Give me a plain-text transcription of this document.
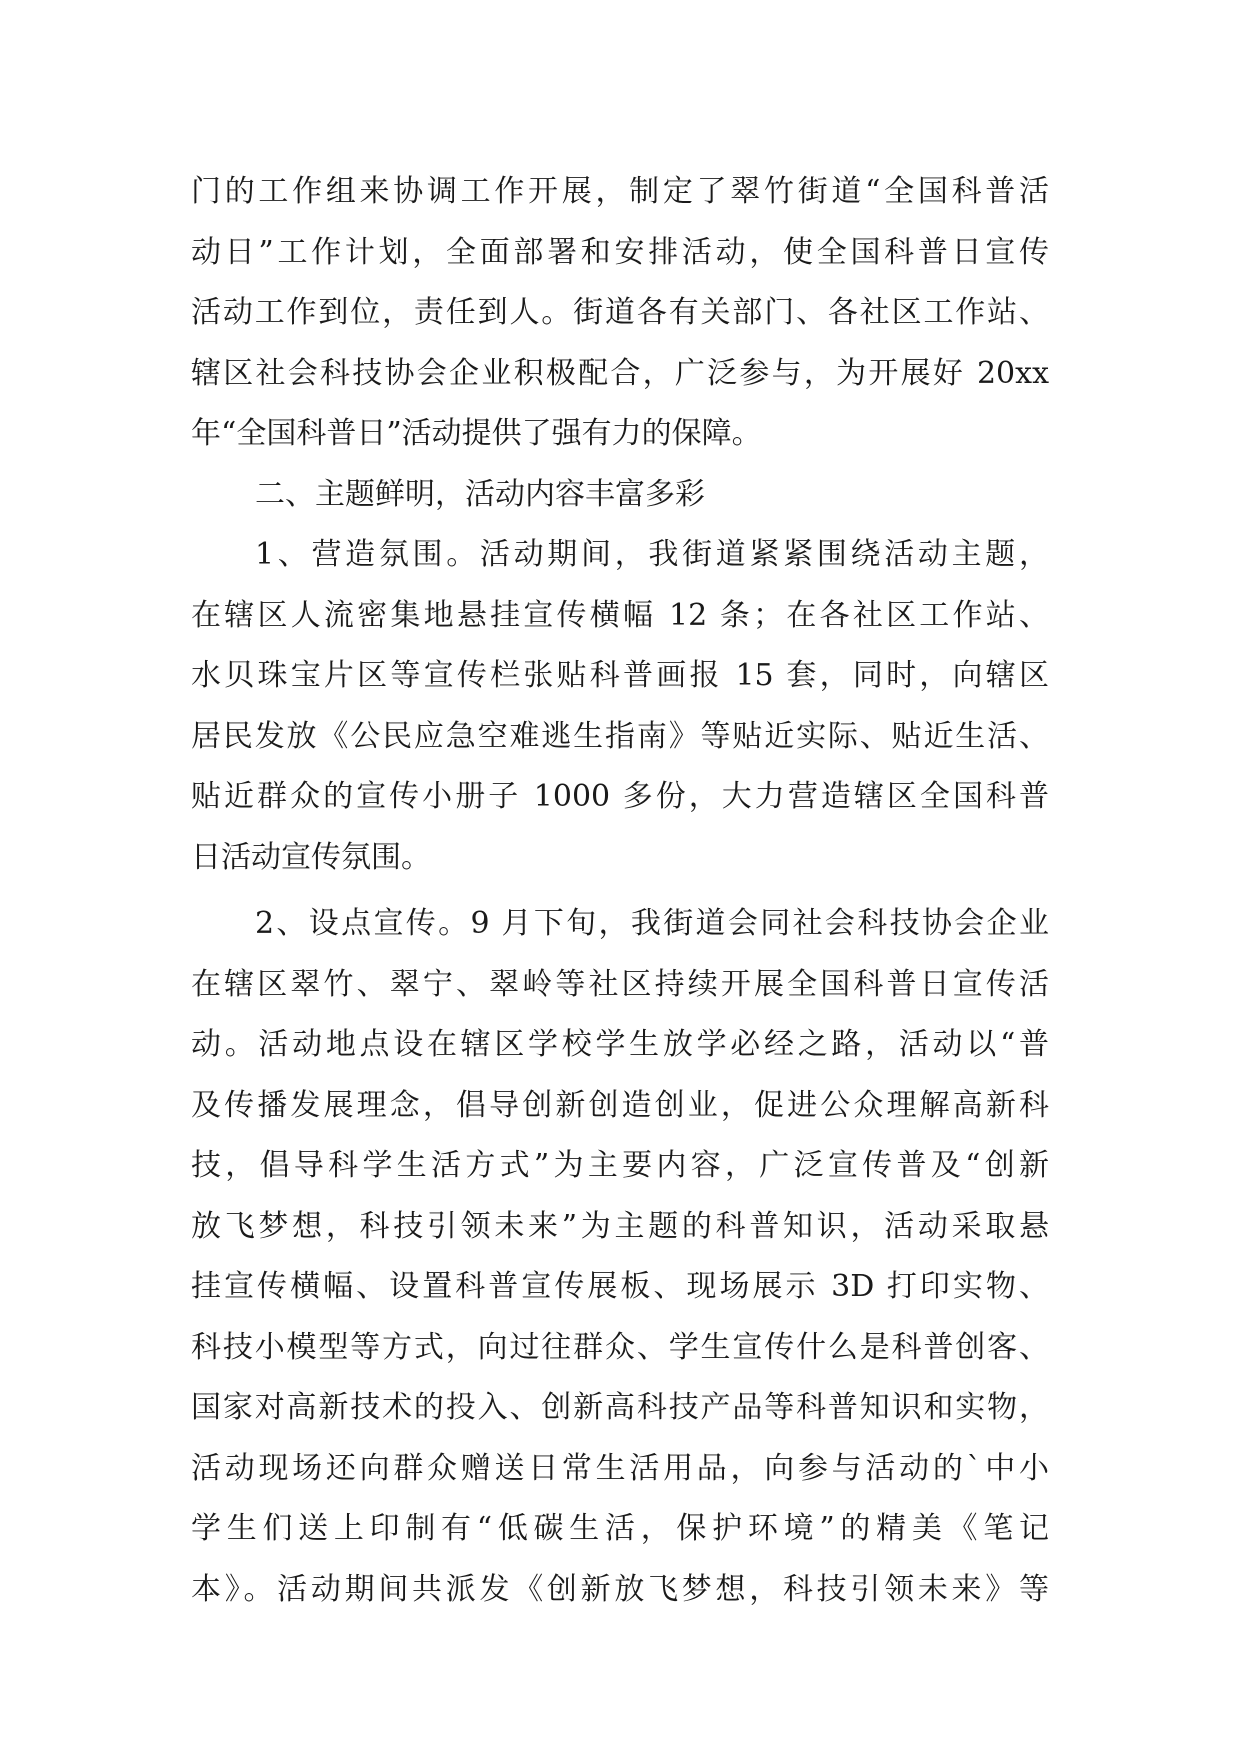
门的工作组来协调工作开展，制定了翠竹街道“全国科普活
动日”工作计划，全面部署和安排活动，使全国科普日宣传
活动工作到位，责任到人。街道各有关部门、各社区工作站、
辖区社会科技协会企业积极配合，广泛参与，为开展好 20xx
年“全国科普日”活动提供了强有力的保障。
二、主题鲜明，活动内容丰富多彩
1、营造氛围。活动期间，我街道紧紧围绕活动主题，
在辖区人流密集地悬挂宣传横幅 12 条；在各社区工作站、
水贝珠宝片区等宣传栏张贴科普画报 15 套，同时，向辖区
居民发放《公民应急空难逃生指南》等贴近实际、贴近生活、
贴近群众的宣传小册子 1000 多份，大力营造辖区全国科普
日活动宣传氛围。
2、设点宣传。9 月下旬，我街道会同社会科技协会企业
在辖区翠竹、翠宁、翠岭等社区持续开展全国科普日宣传活
动。活动地点设在辖区学校学生放学必经之路，活动以“普
及传播发展理念，倡导创新创造创业，促进公众理解高新科
技，倡导科学生活方式”为主要内容，广泛宣传普及“创新
放飞梦想，科技引领未来”为主题的科普知识，活动采取悬
挂宣传横幅、设置科普宣传展板、现场展示 3D 打印实物、
科技小模型等方式，向过往群众、学生宣传什么是科普创客、
国家对高新技术的投入、创新高科技产品等科普知识和实物，
活动现场还向群众赠送日常生活用品，向参与活动的`中小
学生们送上印制有“低碳生活，保护环境”的精美《笔记
本》。活动期间共派发《创新放飞梦想，科技引领未来》等
